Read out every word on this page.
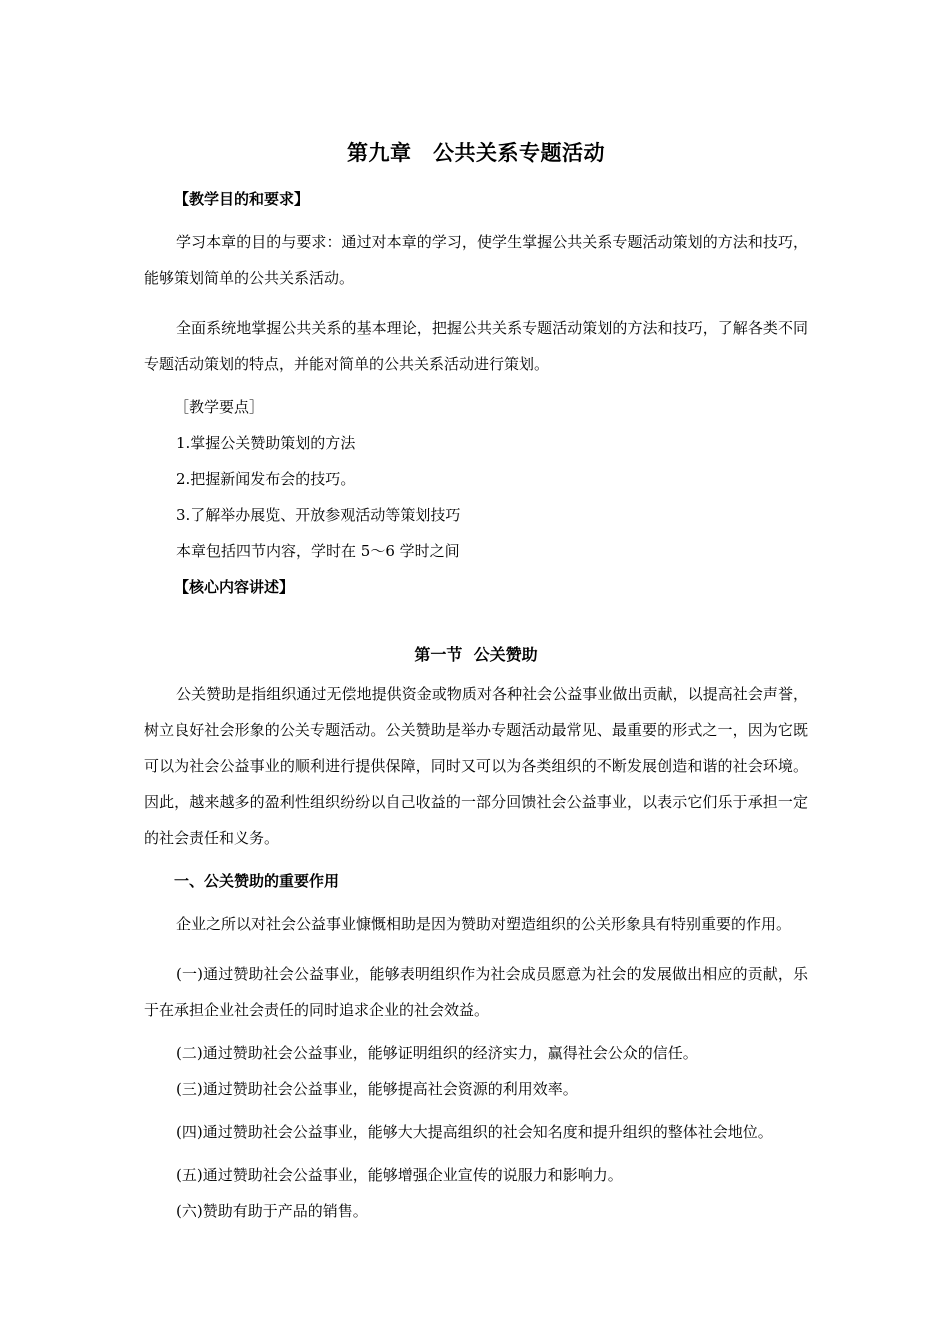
第九章　公共关系专题活动
【教学目的和要求】

学习本章的目的与要求：通过对本章的学习，使学生掌握公共关系专题活动策划的方法和技巧，能够策划简单的公共关系活动。

全面系统地掌握公共关系的基本理论，把握公共关系专题活动策划的方法和技巧，了解各类不同专题活动策划的特点，并能对简单的公共关系活动进行策划。

［教学要点］
1.掌握公关赞助策划的方法
2.把握新闻发布会的技巧。
3.了解举办展览、开放参观活动等策划技巧
本章包括四节内容，学时在 5～6 学时之间
【核心内容讲述】
第一节  公关赞助

公关赞助是指组织通过无偿地提供资金或物质对各种社会公益事业做出贡献，以提高社会声誉，树立良好社会形象的公关专题活动。公关赞助是举办专题活动最常见、最重要的形式之一，因为它既可以为社会公益事业的顺利进行提供保障，同时又可以为各类组织的不断发展创造和谐的社会环境。因此，越来越多的盈利性组织纷纷以自己收益的一部分回馈社会公益事业，以表示它们乐于承担一定的社会责任和义务。

一、公关赞助的重要作用

企业之所以对社会公益事业慷慨相助是因为赞助对塑造组织的公关形象具有特别重要的作用。

(一)通过赞助社会公益事业，能够表明组织作为社会成员愿意为社会的发展做出相应的贡献，乐于在承担企业社会责任的同时追求企业的社会效益。

(二)通过赞助社会公益事业，能够证明组织的经济实力，赢得社会公众的信任。

(三)通过赞助社会公益事业，能够提高社会资源的利用效率。

(四)通过赞助社会公益事业，能够大大提高组织的社会知名度和提升组织的整体社会地位。

(五)通过赞助社会公益事业，能够增强企业宣传的说服力和影响力。

(六)赞助有助于产品的销售。
